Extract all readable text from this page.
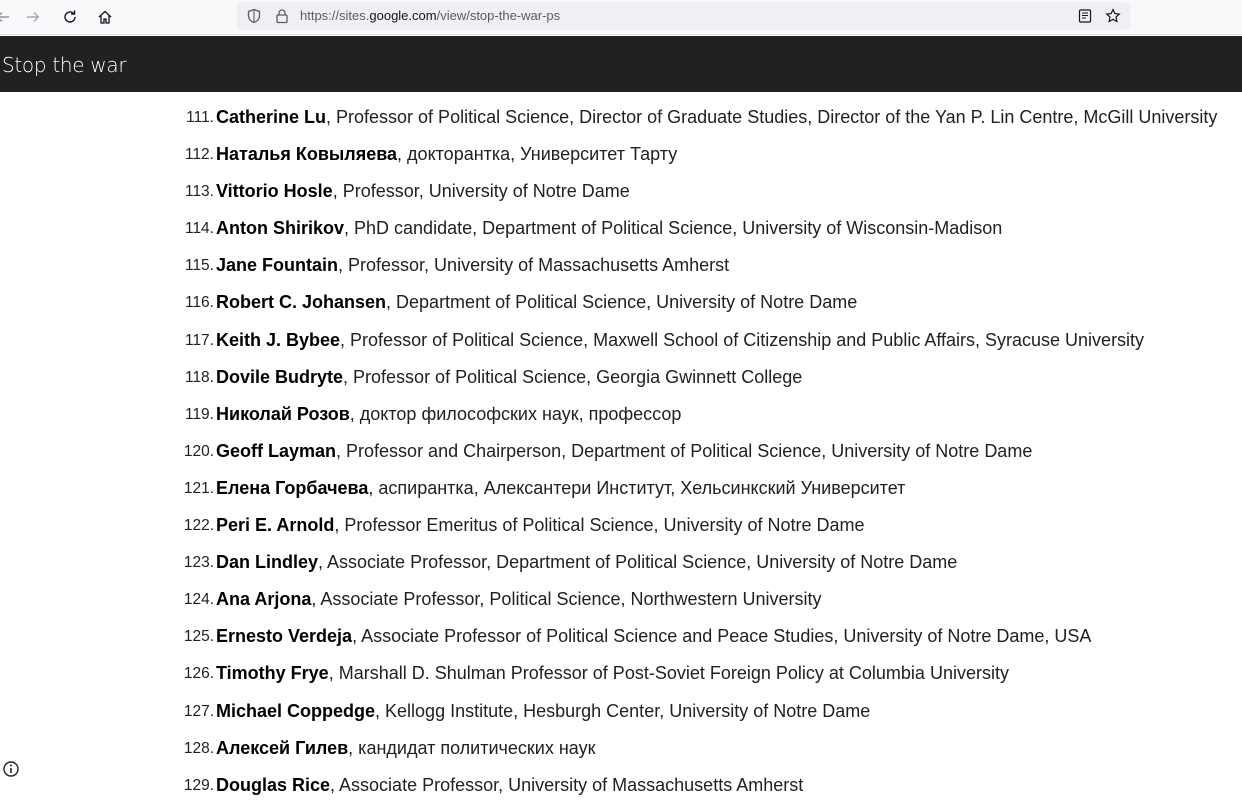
https://sites.google.com/view/stop-the-war-ps
Stop the war
111. Catherine Lu, Professor of Political Science, Director of Graduate Studies, Director of the Yan P. Lin Centre, McGill University
112. Наталья Ковыляева, докторантка, Университет Тарту
113. Vittorio Hosle, Professor, University of Notre Dame
114. Anton Shirikov, PhD candidate, Department of Political Science, University of Wisconsin-Madison
115. Jane Fountain, Professor, University of Massachusetts Amherst
116. Robert C. Johansen, Department of Political Science, University of Notre Dame
117. Keith J. Bybee, Professor of Political Science, Maxwell School of Citizenship and Public Affairs, Syracuse University
118. Dovile Budryte, Professor of Political Science, Georgia Gwinnett College
119. Николай Розов, доктор философских наук, профессор
120. Geoff Layman, Professor and Chairperson, Department of Political Science, University of Notre Dame
121. Елена Горбачева, аспирантка, Алексантери Институт, Хельсинкский Университет
122. Peri E. Arnold, Professor Emeritus of Political Science, University of Notre Dame
123. Dan Lindley, Associate Professor, Department of Political Science, University of Notre Dame
124. Ana Arjona, Associate Professor, Political Science, Northwestern University
125. Ernesto Verdeja, Associate Professor of Political Science and Peace Studies, University of Notre Dame, USA
126. Timothy Frye, Marshall D. Shulman Professor of Post-Soviet Foreign Policy at Columbia University
127. Michael Coppedge, Kellogg Institute, Hesburgh Center, University of Notre Dame
128. Алексей Гилев, кандидат политических наук
129. Douglas Rice, Associate Professor, University of Massachusetts Amherst
